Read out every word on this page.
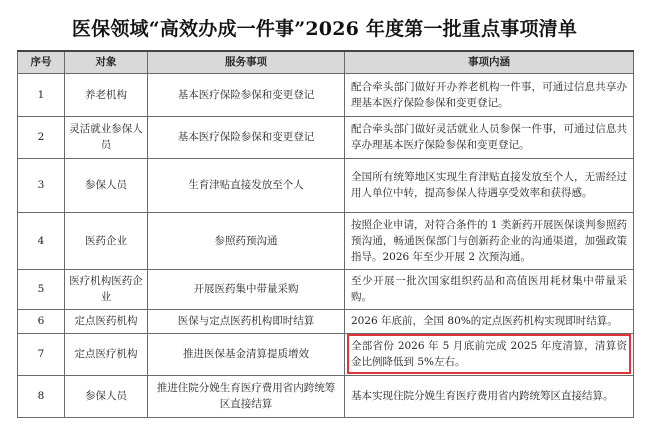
医保领域“高效办成一件事”2026 年度第一批重点事项清单
序号	对象	服务事项	事项内涵
1	养老机构	基本医疗保险参保和变更登记	配合牵头部门做好开办养老机构一件事，可通过信息共享办理基本医疗保险参保和变更登记。
2	灵活就业参保人员	基本医疗保险参保和变更登记	配合牵头部门做好灵活就业人员参保一件事，可通过信息共享办理基本医疗保险参保和变更登记。
3	参保人员	生育津贴直接发放至个人	全国所有统筹地区实现生育津贴直接发放至个人，无需经过用人单位中转，提高参保人待遇享受效率和获得感。
4	医药企业	参照药预沟通	按照企业申请，对符合条件的 1 类新药开展医保谈判参照药预沟通，畅通医保部门与创新药企业的沟通渠道，加强政策指导。2026 年至少开展 2 次预沟通。
5	医疗机构医药企业	开展医药集中带量采购	至少开展一批次国家组织药品和高值医用耗材集中带量采购。
6	定点医药机构	医保与定点医药机构即时结算	2026 年底前，全国 80%的定点医药机构实现即时结算。
7	定点医疗机构	推进医保基金清算提质增效	全部省份 2026 年 5 月底前完成 2025 年度清算，清算资金比例降低到 5%左右。

8	参保人员	推进住院分娩生育医疗费用省内跨统筹区直接结算	基本实现住院分娩生育医疗费用省内跨统筹区直接结算。
